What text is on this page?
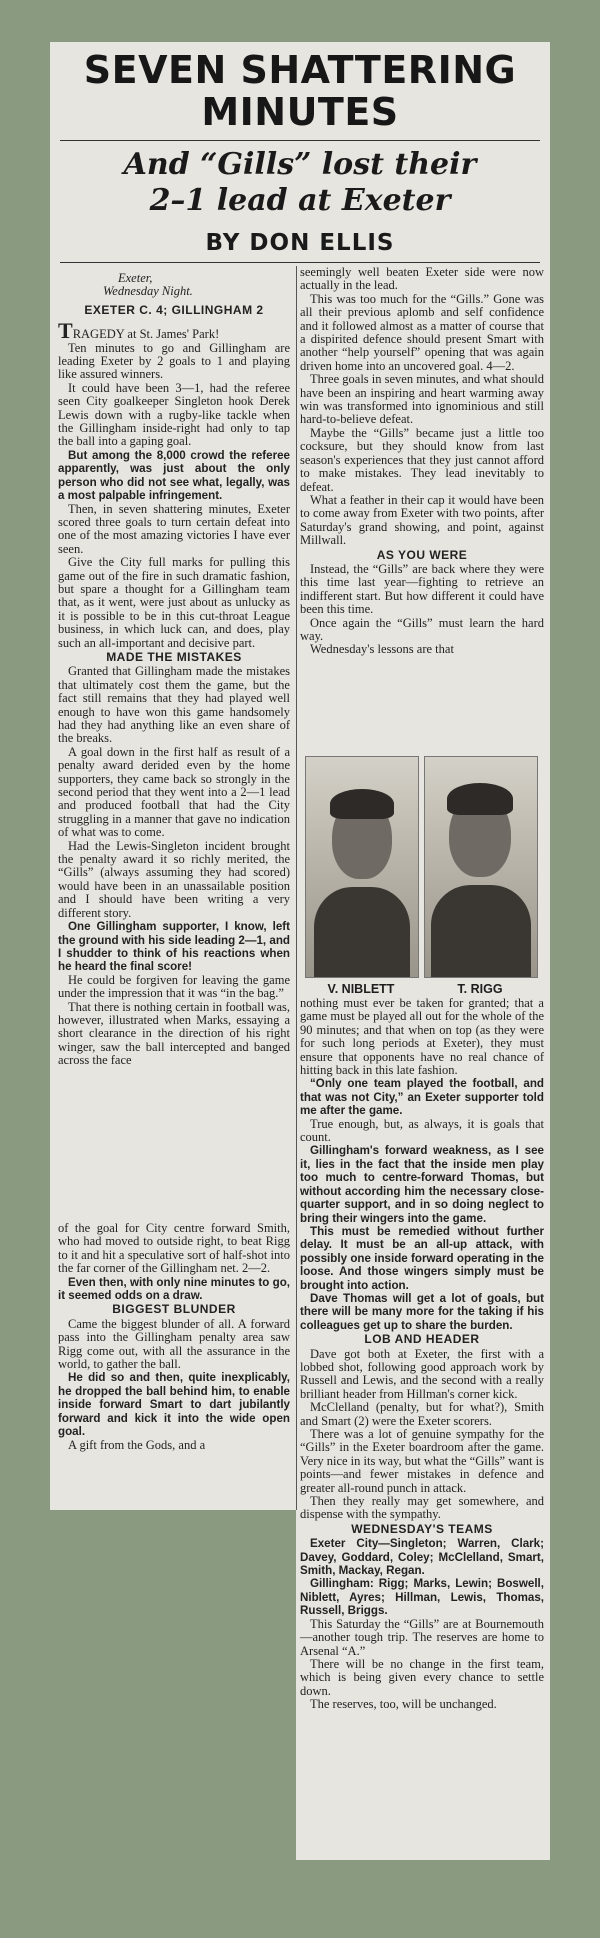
SEVEN SHATTERING
MINUTES
And “Gills” lost their
2–1 lead at Exeter
BY DON ELLIS

Exeter,

Wednesday Night.

EXETER C. 4; GILLINGHAM 2

TRAGEDY at St. James' Park!

Ten minutes to go and Gillingham are leading Exeter by 2 goals to 1 and playing like assured winners.

It could have been 3—1, had the referee seen City goalkeeper Singleton hook Derek Lewis down with a rugby-like tackle when the Gillingham inside-right had only to tap the ball into a gaping goal.

But among the 8,000 crowd the referee apparently, was just about the only person who did not see what, legally, was a most palpable infringement.

Then, in seven shattering minutes, Exeter scored three goals to turn certain defeat into one of the most amazing victories I have ever seen.

Give the City full marks for pulling this game out of the fire in such dramatic fashion, but spare a thought for a Gillingham team that, as it went, were just about as unlucky as it is possible to be in this cut-throat League business, in which luck can, and does, play such an all-important and decisive part.

MADE THE MISTAKES

Granted that Gillingham made the mistakes that ultimately cost them the game, but the fact still remains that they had played well enough to have won this game handsomely had they had anything like an even share of the breaks.

A goal down in the first half as result of a penalty award derided even by the home supporters, they came back so strongly in the second period that they went into a 2—1 lead and produced football that had the City struggling in a manner that gave no indication of what was to come.

Had the Lewis-Singleton incident brought the penalty award it so richly merited, the “Gills” (always assuming they had scored) would have been in an unassailable position and I should have been writing a very different story.

One Gillingham supporter, I know, left the ground with his side leading 2—1, and I shudder to think of his reactions when he heard the final score!

He could be forgiven for leaving the game under the impression that it was “in the bag.”

That there is nothing certain in football was, however, illustrated when Marks, essaying a short clearance in the direction of his right winger, saw the ball intercepted and banged across the face

of the goal for City centre forward Smith, who had moved to outside right, to beat Rigg to it and hit a speculative sort of half-shot into the far corner of the Gillingham net. 2—2.

Even then, with only nine minutes to go, it seemed odds on a draw.

BIGGEST BLUNDER

Came the biggest blunder of all. A forward pass into the Gillingham penalty area saw Rigg come out, with all the assurance in the world, to gather the ball.

He did so and then, quite inexplicably, he dropped the ball behind him, to enable inside forward Smart to dart jubilantly forward and kick it into the wide open goal.

A gift from the Gods, and a

seemingly well beaten Exeter side were now actually in the lead.

This was too much for the “Gills.” Gone was all their previous aplomb and self confidence and it followed almost as a matter of course that a dispirited defence should present Smart with another “help yourself” opening that was again driven home into an uncovered goal. 4—2.

Three goals in seven minutes, and what should have been an inspiring and heart warming away win was transformed into ignominious and still hard-to-believe defeat.

Maybe the “Gills” became just a little too cocksure, but they should know from last season's experiences that they just cannot afford to make mistakes. They lead inevitably to defeat.

What a feather in their cap it would have been to come away from Exeter with two points, after Saturday's grand showing, and point, against Millwall.

AS YOU WERE

Instead, the “Gills” are back where they were this time last year—fighting to retrieve an indifferent start. But how different it could have been this time.

Once again the “Gills” must learn the hard way.

Wednesday's lessons are that

V. NIBLETT	T. RIGG

nothing must ever be taken for granted; that a game must be played all out for the whole of the 90 minutes; and that when on top (as they were for such long periods at Exeter), they must ensure that opponents have no real chance of hitting back in this late fashion.

“Only one team played the football, and that was not City,” an Exeter supporter told me after the game.

True enough, but, as always, it is goals that count.

Gillingham's forward weakness, as I see it, lies in the fact that the inside men play too much to centre-forward Thomas, but without according him the necessary close-quarter support, and in so doing neglect to bring their wingers into the game.

This must be remedied without further delay. It must be an all-up attack, with possibly one inside forward operating in the loose. And those wingers simply must be brought into action.

Dave Thomas will get a lot of goals, but there will be many more for the taking if his colleagues get up to share the burden.

LOB AND HEADER

Dave got both at Exeter, the first with a lobbed shot, following good approach work by Russell and Lewis, and the second with a really brilliant header from Hillman's corner kick.

McClelland (penalty, but for what?), Smith and Smart (2) were the Exeter scorers.

There was a lot of genuine sympathy for the “Gills” in the Exeter boardroom after the game. Very nice in its way, but what the “Gills” want is points—and fewer mistakes in defence and greater all-round punch in attack.

Then they really may get somewhere, and dispense with the sympathy.

WEDNESDAY'S TEAMS

Exeter City—Singleton; Warren, Clark; Davey, Goddard, Coley; McClelland, Smart, Smith, Mackay, Regan.

Gillingham: Rigg; Marks, Lewin; Boswell, Niblett, Ayres; Hillman, Lewis, Thomas, Russell, Briggs.

This Saturday the “Gills” are at Bournemouth—another tough trip. The reserves are home to Arsenal “A.”

There will be no change in the first team, which is being given every chance to settle down.

The reserves, too, will be unchanged.
